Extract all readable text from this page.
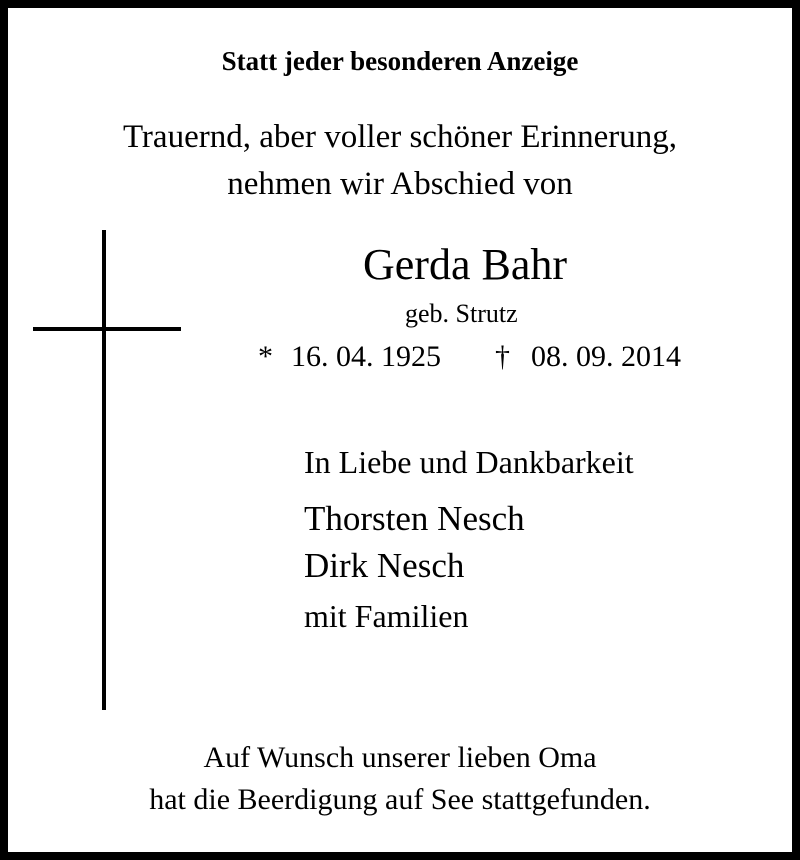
Statt jeder besonderen Anzeige
Trauernd, aber voller schöner Erinnerung,
nehmen wir Abschied von
Gerda Bahr
geb. Strutz
* 16. 04. 1925 † 08. 09. 2014
In Liebe und Dankbarkeit
Thorsten Nesch
Dirk Nesch
mit Familien
Auf Wunsch unserer lieben Oma
hat die Beerdigung auf See stattgefunden.
